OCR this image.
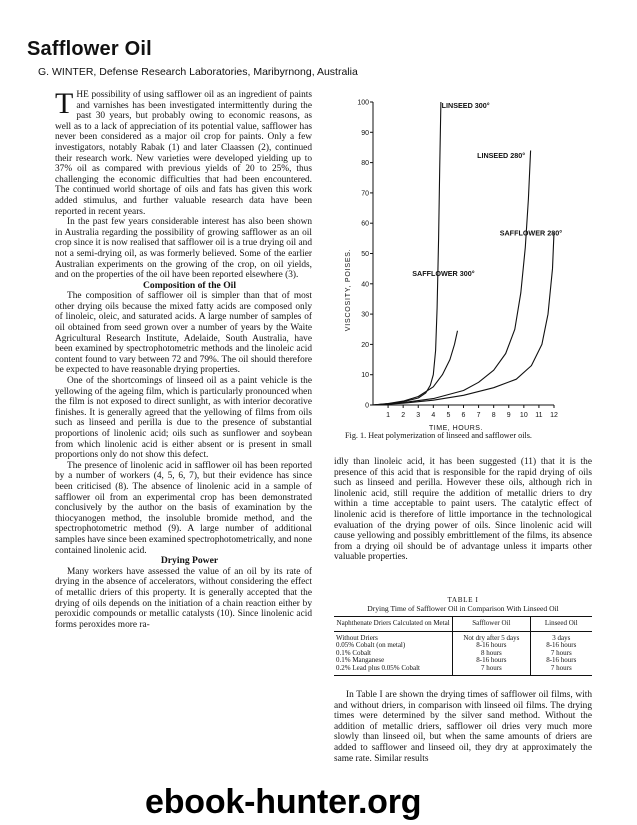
Safflower Oil
G. WINTER, Defense Research Laboratories, Maribyrnong, Australia

THE possibility of using safflower oil as an ingredient of paints and varnishes has been investigated intermittently during the past 30 years, but probably owing to economic reasons, as well as to a lack of appreciation of its potential value, safflower has never been considered as a major oil crop for paints. Only a few investigators, notably Rabak (1) and later Claassen (2), continued their research work. New varieties were developed yielding up to 37% oil as compared with previous yields of 20 to 25%, thus challenging the economic difficulties that had been encountered. The continued world shortage of oils and fats has given this work added stimulus, and further valuable research data have been reported in recent years.

In the past few years considerable interest has also been shown in Australia regarding the possibility of growing safflower as an oil crop since it is now realised that safflower oil is a true drying oil and not a semi-drying oil, as was formerly believed. Some of the earlier Australian experiments on the growing of the crop, on oil yields, and on the properties of the oil have been reported elsewhere (3).

Composition of the Oil

The composition of safflower oil is simpler than that of most other drying oils because the mixed fatty acids are composed only of linoleic, oleic, and saturated acids. A large number of samples of oil obtained from seed grown over a number of years by the Waite Agricultural Research Institute, Adelaide, South Australia, have been examined by spectrophotometric methods and the linoleic acid content found to vary between 72 and 79%. The oil should therefore be expected to have reasonable drying properties.

One of the shortcomings of linseed oil as a paint vehicle is the yellowing of the ageing film, which is particularly pronounced when the film is not exposed to direct sunlight, as with interior decorative finishes. It is generally agreed that the yellowing of films from oils such as linseed and perilla is due to the presence of substantial proportions of linolenic acid; oils such as sunflower and soybean from which linolenic acid is either absent or is present in small proportions only do not show this defect.

The presence of linolenic acid in safflower oil has been reported by a number of workers (4, 5, 6, 7), but their evidence has since been criticised (8). The absence of linolenic acid in a sample of safflower oil from an experimental crop has been demonstrated conclusively by the author on the basis of examination by the thiocyanogen method, the insoluble bromide method, and the spectrophotometric method (9). A large number of additional samples have since been examined spectrophotometrically, and none contained linolenic acid.

Drying Power

Many workers have assessed the value of an oil by its rate of drying in the absence of accelerators, without considering the effect of metallic driers of this property. It is generally accepted that the drying of oils depends on the initiation of a chain reaction either by peroxidic compounds or metallic catalysts (10). Since linolenic acid forms peroxides more ra-

0
10
20
30
40
50
60
70
80
90
100
1 2 3 4 5 6 7 8 9 10 11 12
TIME, HOURS.
VISCOSITY, POISES.
LINSEED 300°
LINSEED 280°
SAFFLOWER 300°
SAFFLOWER 280°
Fig. 1. Heat polymerization of linseed and safflower oils.

idly than linoleic acid, it has been suggested (11) that it is the presence of this acid that is responsible for the rapid drying of oils such as linseed and perilla. However these oils, although rich in linolenic acid, still require the addition of metallic driers to dry within a time acceptable to paint users. The catalytic effect of linolenic acid is therefore of little importance in the technological evaluation of the drying power of oils. Since linolenic acid will cause yellowing and possibly embrittlement of the films, its absence from a drying oil should be of advantage unless it imparts other valuable properties.

TABLE I
Drying Time of Safflower Oil in Comparison With Linseed Oil
Naphthenate Driers Calculated on Metal	Safflower Oil	Linseed Oil
Without Driers	Not dry after 5 days	3 days
0.05% Cobalt (on metal)	8-16 hours	8-16 hours
0.1% Cobalt	8 hours	7 hours
0.1% Manganese	8-16 hours	8-16 hours
0.2% Lead plus 0.05% Cobalt	7 hours	7 hours

In Table I are shown the drying times of safflower oil films, with and without driers, in comparison with linseed oil films. The drying times were determined by the silver sand method. Without the addition of metallic driers, safflower oil dries very much more slowly than linseed oil, but when the same amounts of driers are added to safflower and linseed oil, they dry at approximately the same rate. Similar results

ebook-hunter.org
